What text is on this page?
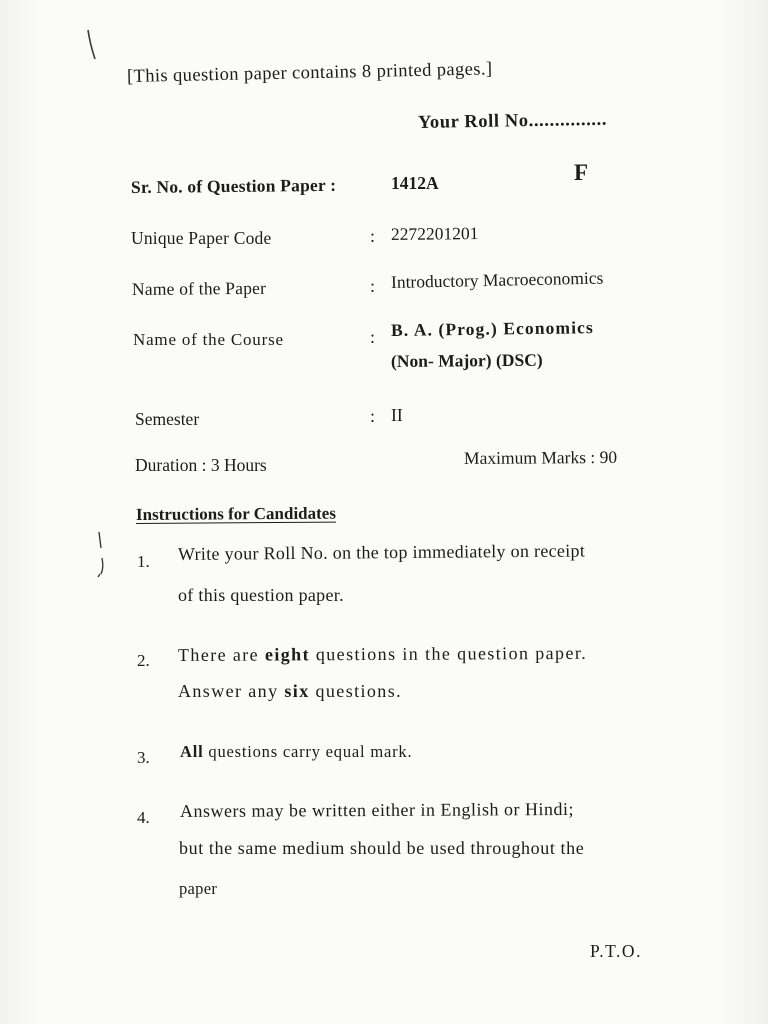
[This question paper contains 8 printed pages.]
Your Roll No...............
F
Sr. No. of Question Paper :	1412A
Unique Paper Code	: 2272201201
Name of the Paper	: Introductory Macroeconomics
Name of the Course	: B. A. (Prog.) Economics
(Non- Major) (DSC)
Semester	: II
Duration : 3 Hours	Maximum Marks : 90
Instructions for Candidates
1. Write your Roll No. on the top immediately on receipt
of this question paper.
2. There are eight questions in the question paper.
Answer any six questions.
3. All questions carry equal mark.
4. Answers may be written either in English or Hindi;
but the same medium should be used throughout the
paper
P.T.O.
